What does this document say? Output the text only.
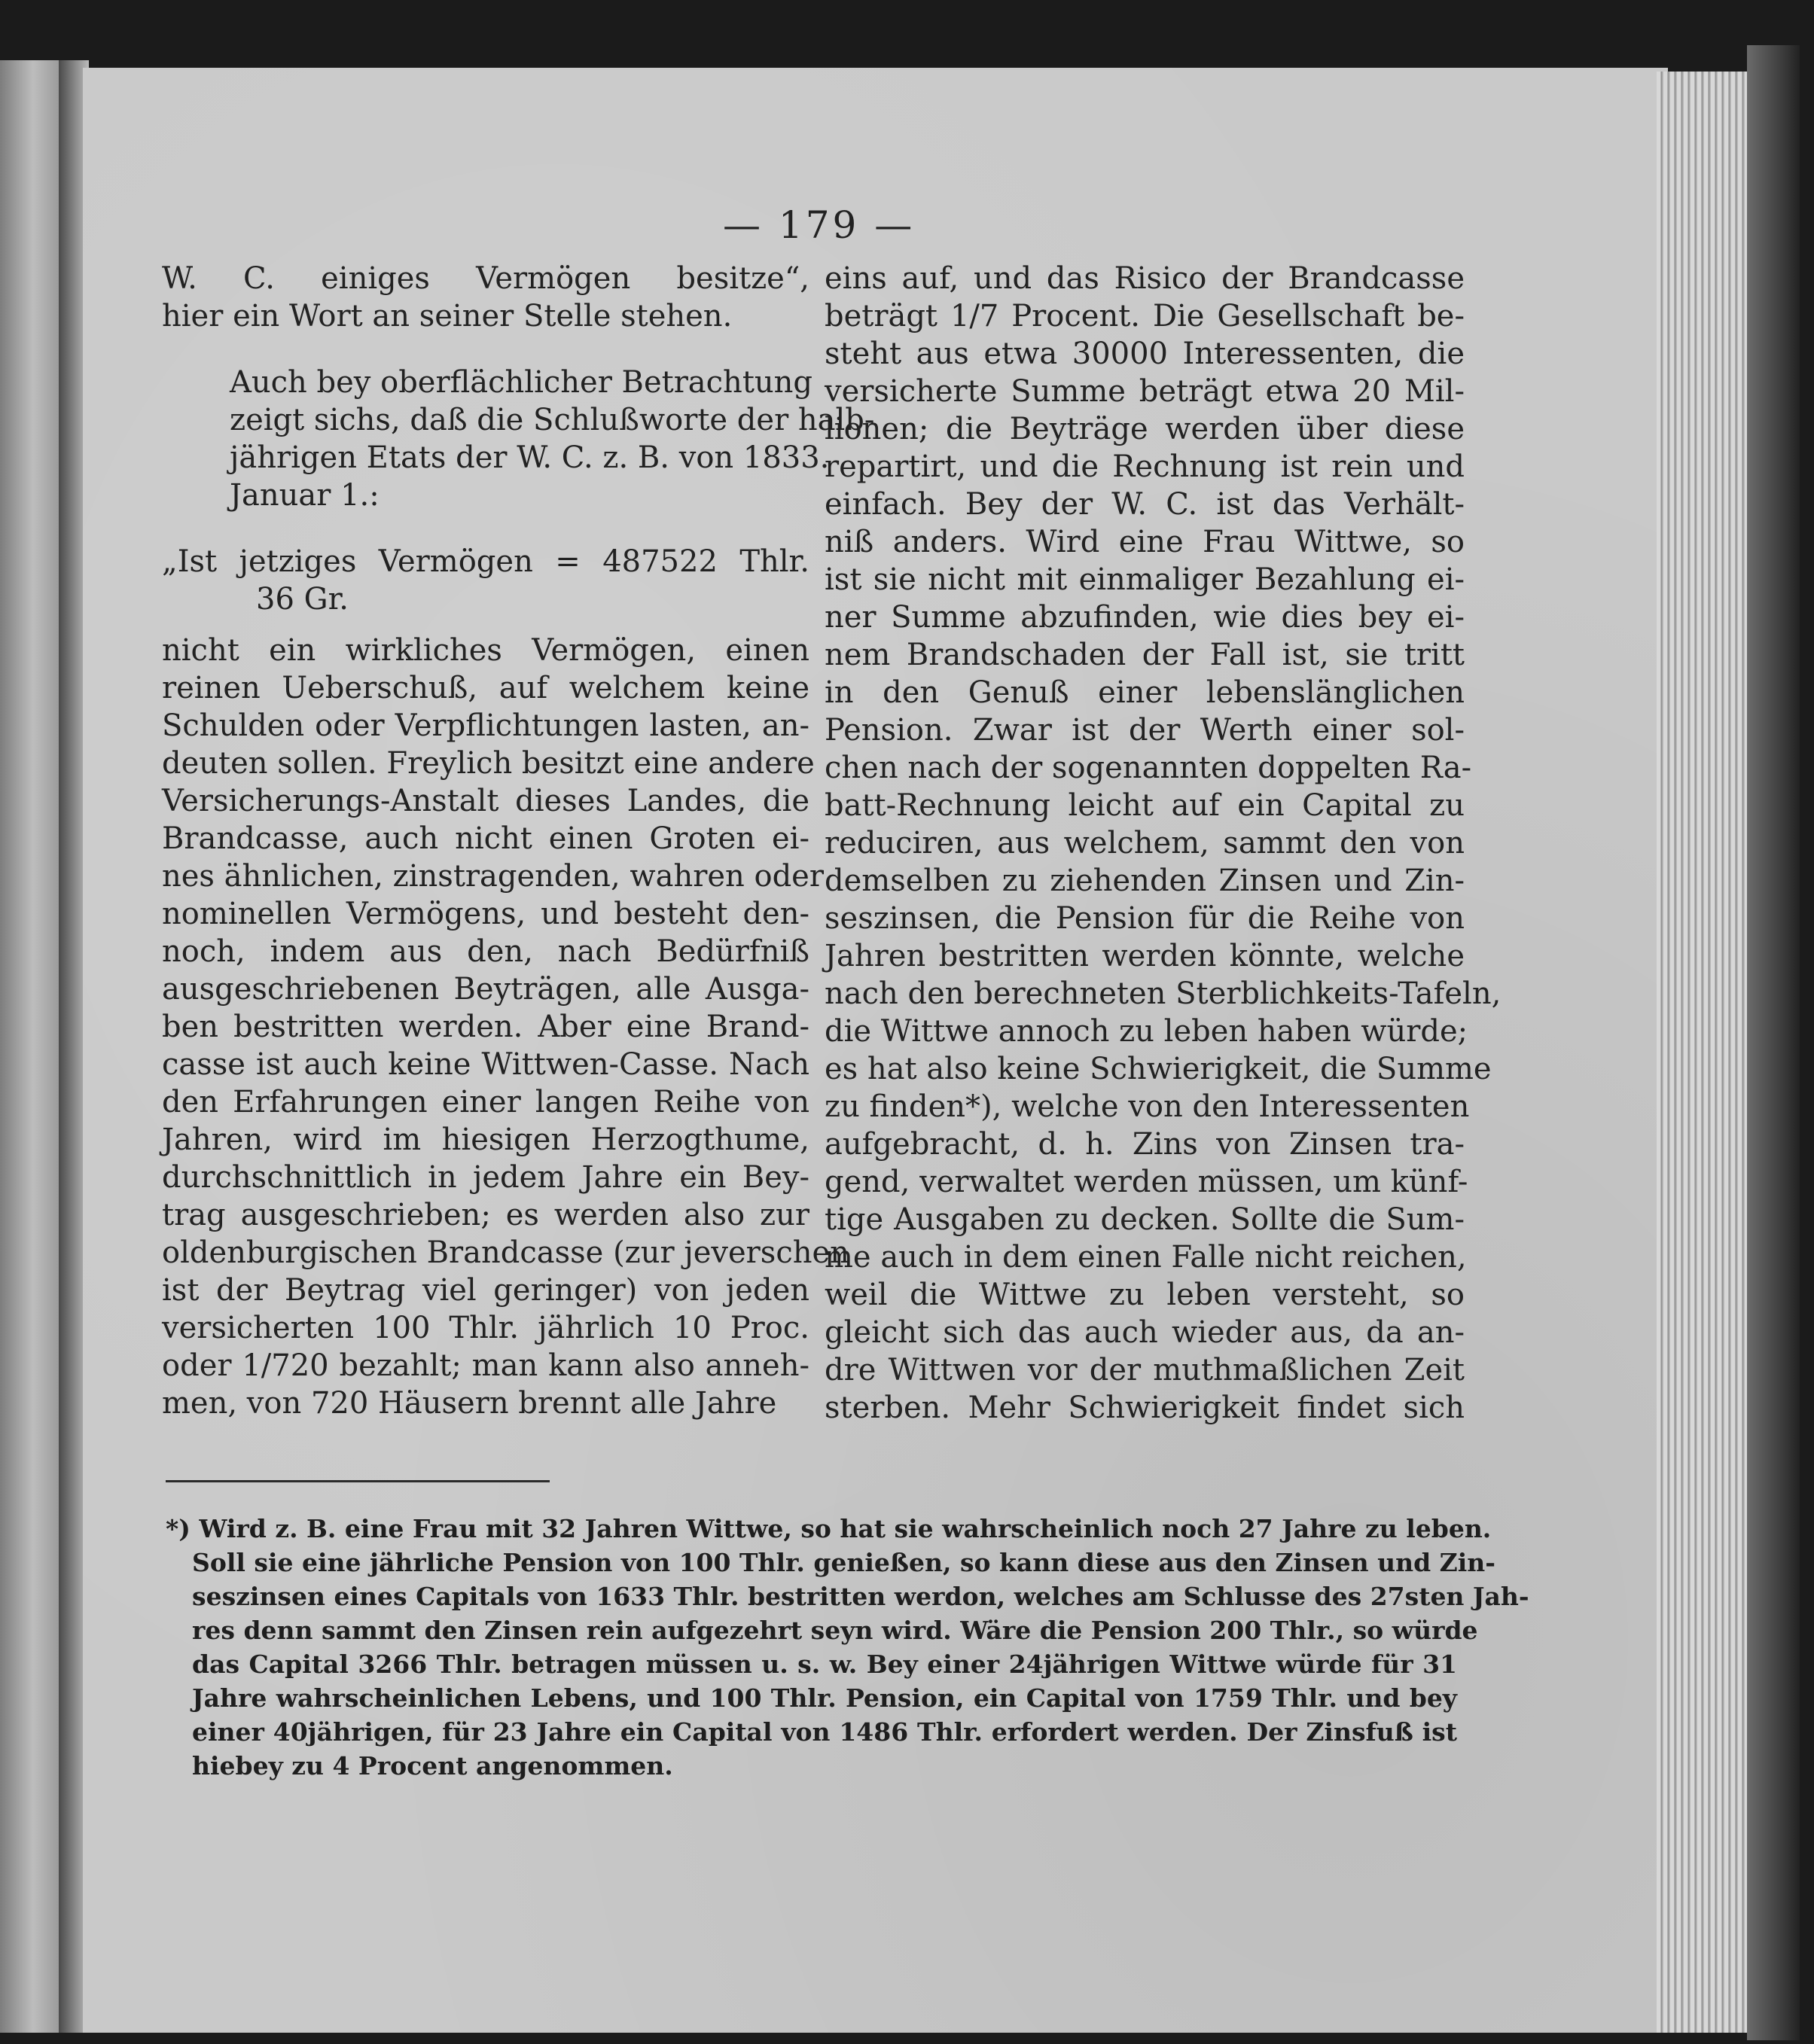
— 179 —

W. C. einiges Vermögen besitze“,
hier ein Wort an seiner Stelle stehen.

Auch bey oberflächlicher Betrachtung
zeigt sichs, daß die Schlußworte der halb-
jährigen Etats der W. C. z. B. von 1833.
Januar 1.:

„Ist jetziges Vermögen = 487522 Thlr.
36 Gr.

nicht ein wirkliches Vermögen, einen
reinen Ueberschuß, auf welchem keine
Schulden oder Verpflichtungen lasten, an-
deuten sollen. Freylich besitzt eine andere
Versicherungs-Anstalt dieses Landes, die
Brandcasse, auch nicht einen Groten ei-
nes ähnlichen, zinstragenden, wahren oder
nominellen Vermögens, und besteht den-
noch, indem aus den, nach Bedürfniß
ausgeschriebenen Beyträgen, alle Ausga-
ben bestritten werden. Aber eine Brand-
casse ist auch keine Wittwen-Casse. Nach
den Erfahrungen einer langen Reihe von
Jahren, wird im hiesigen Herzogthume,
durchschnittlich in jedem Jahre ein Bey-
trag ausgeschrieben; es werden also zur
oldenburgischen Brandcasse (zur jeverschen
ist der Beytrag viel geringer) von jeden
versicherten 100 Thlr. jährlich 10 Proc.
oder 1/720 bezahlt; man kann also anneh-
men, von 720 Häusern brennt alle Jahre

eins auf, und das Risico der Brandcasse
beträgt 1/7 Procent. Die Gesellschaft be-
steht aus etwa 30000 Interessenten, die
versicherte Summe beträgt etwa 20 Mil-
lionen; die Beyträge werden über diese
repartirt, und die Rechnung ist rein und
einfach. Bey der W. C. ist das Verhält-
niß anders. Wird eine Frau Wittwe, so
ist sie nicht mit einmaliger Bezahlung ei-
ner Summe abzufinden, wie dies bey ei-
nem Brandschaden der Fall ist, sie tritt
in den Genuß einer lebenslänglichen
Pension. Zwar ist der Werth einer sol-
chen nach der sogenannten doppelten Ra-
batt-Rechnung leicht auf ein Capital zu
reduciren, aus welchem, sammt den von
demselben zu ziehenden Zinsen und Zin-
seszinsen, die Pension für die Reihe von
Jahren bestritten werden könnte, welche
nach den berechneten Sterblichkeits-Tafeln,
die Wittwe annoch zu leben haben würde;
es hat also keine Schwierigkeit, die Summe
zu finden*), welche von den Interessenten
aufgebracht, d. h. Zins von Zinsen tra-
gend, verwaltet werden müssen, um künf-
tige Ausgaben zu decken. Sollte die Sum-
me auch in dem einen Falle nicht reichen,
weil die Wittwe zu leben versteht, so
gleicht sich das auch wieder aus, da an-
dre Wittwen vor der muthmaßlichen Zeit
sterben. Mehr Schwierigkeit findet sich

*) Wird z. B. eine Frau mit 32 Jahren Wittwe, so hat sie wahrscheinlich noch 27 Jahre zu leben.
Soll sie eine jährliche Pension von 100 Thlr. genießen, so kann diese aus den Zinsen und Zin-
seszinsen eines Capitals von 1633 Thlr. bestritten werdon, welches am Schlusse des 27sten Jah-
res denn sammt den Zinsen rein aufgezehrt seyn wird. Wäre die Pension 200 Thlr., so würde
das Capital 3266 Thlr. betragen müssen u. s. w. Bey einer 24jährigen Wittwe würde für 31
Jahre wahrscheinlichen Lebens, und 100 Thlr. Pension, ein Capital von 1759 Thlr. und bey
einer 40jährigen, für 23 Jahre ein Capital von 1486 Thlr. erfordert werden. Der Zinsfuß ist
hiebey zu 4 Procent angenommen.
